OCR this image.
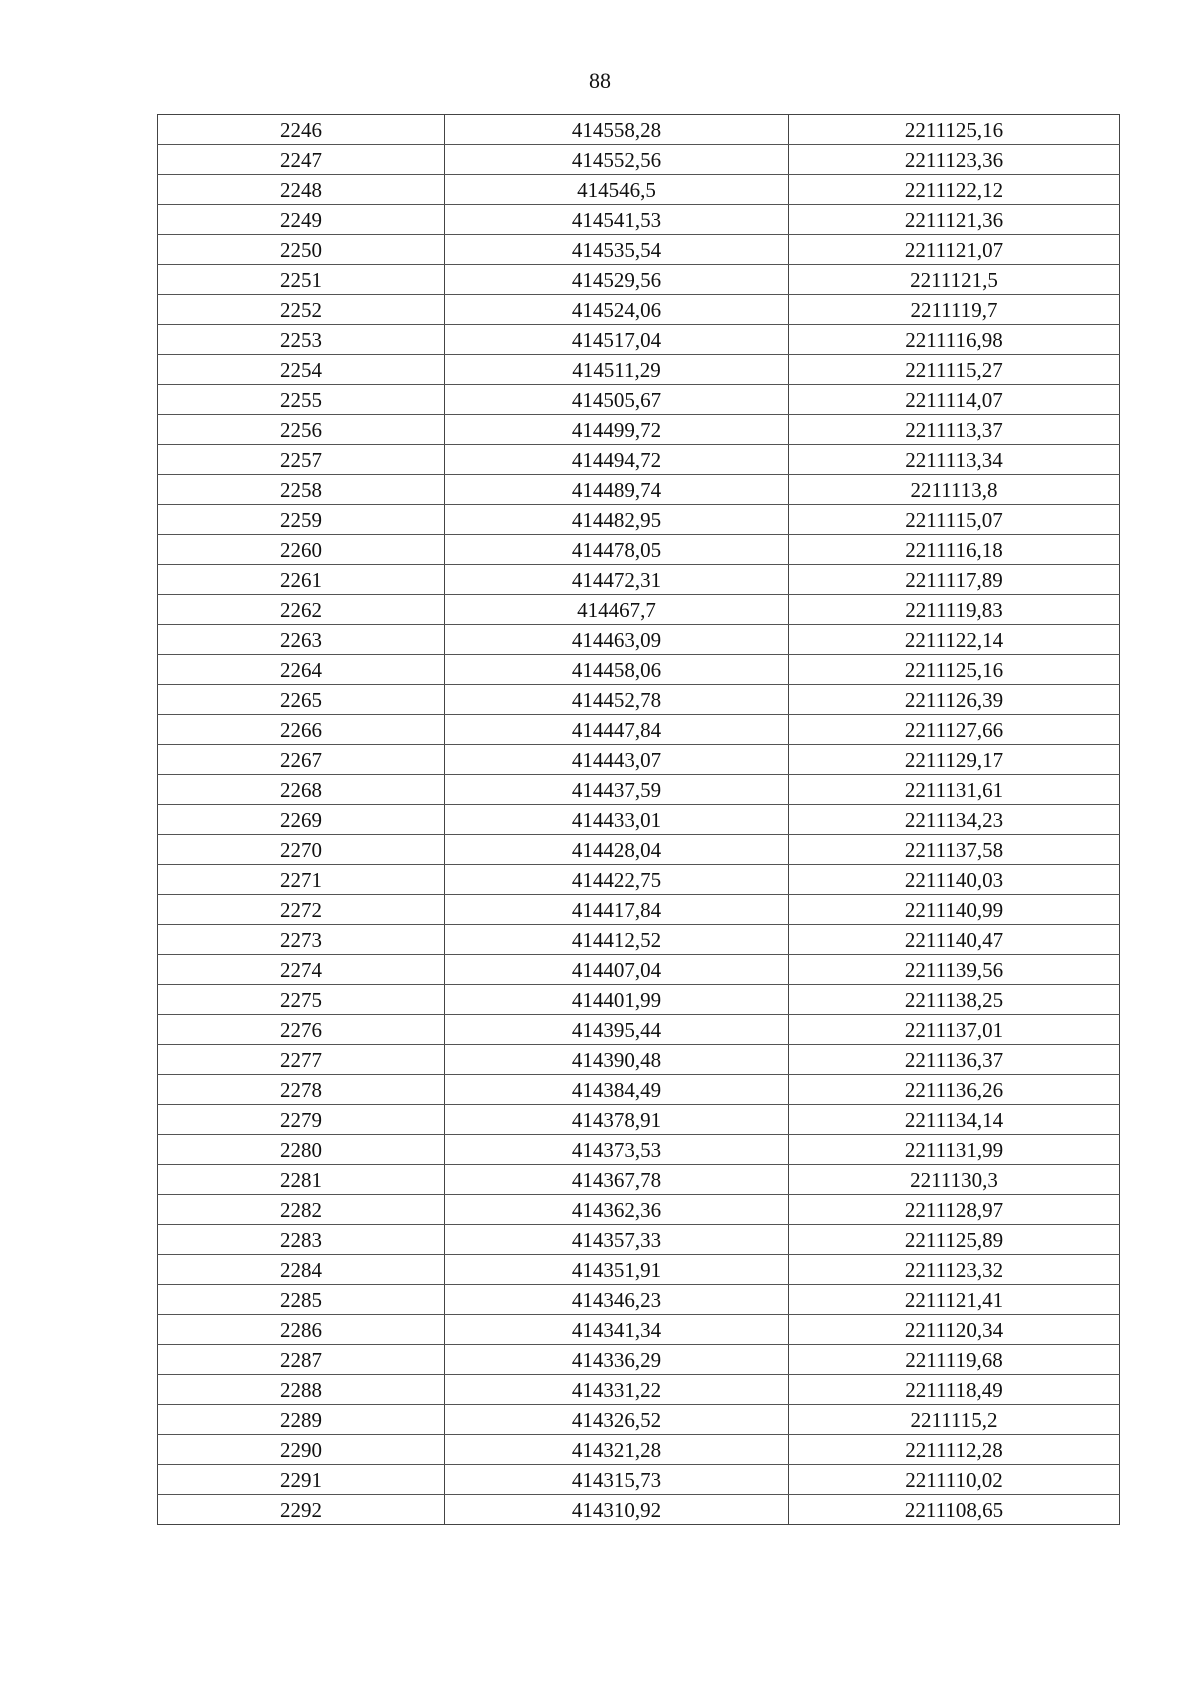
88
2246	414558,28	2211125,16
2247	414552,56	2211123,36
2248	414546,5	2211122,12
2249	414541,53	2211121,36
2250	414535,54	2211121,07
2251	414529,56	2211121,5
2252	414524,06	2211119,7
2253	414517,04	2211116,98
2254	414511,29	2211115,27
2255	414505,67	2211114,07
2256	414499,72	2211113,37
2257	414494,72	2211113,34
2258	414489,74	2211113,8
2259	414482,95	2211115,07
2260	414478,05	2211116,18
2261	414472,31	2211117,89
2262	414467,7	2211119,83
2263	414463,09	2211122,14
2264	414458,06	2211125,16
2265	414452,78	2211126,39
2266	414447,84	2211127,66
2267	414443,07	2211129,17
2268	414437,59	2211131,61
2269	414433,01	2211134,23
2270	414428,04	2211137,58
2271	414422,75	2211140,03
2272	414417,84	2211140,99
2273	414412,52	2211140,47
2274	414407,04	2211139,56
2275	414401,99	2211138,25
2276	414395,44	2211137,01
2277	414390,48	2211136,37
2278	414384,49	2211136,26
2279	414378,91	2211134,14
2280	414373,53	2211131,99
2281	414367,78	2211130,3
2282	414362,36	2211128,97
2283	414357,33	2211125,89
2284	414351,91	2211123,32
2285	414346,23	2211121,41
2286	414341,34	2211120,34
2287	414336,29	2211119,68
2288	414331,22	2211118,49
2289	414326,52	2211115,2
2290	414321,28	2211112,28
2291	414315,73	2211110,02
2292	414310,92	2211108,65
